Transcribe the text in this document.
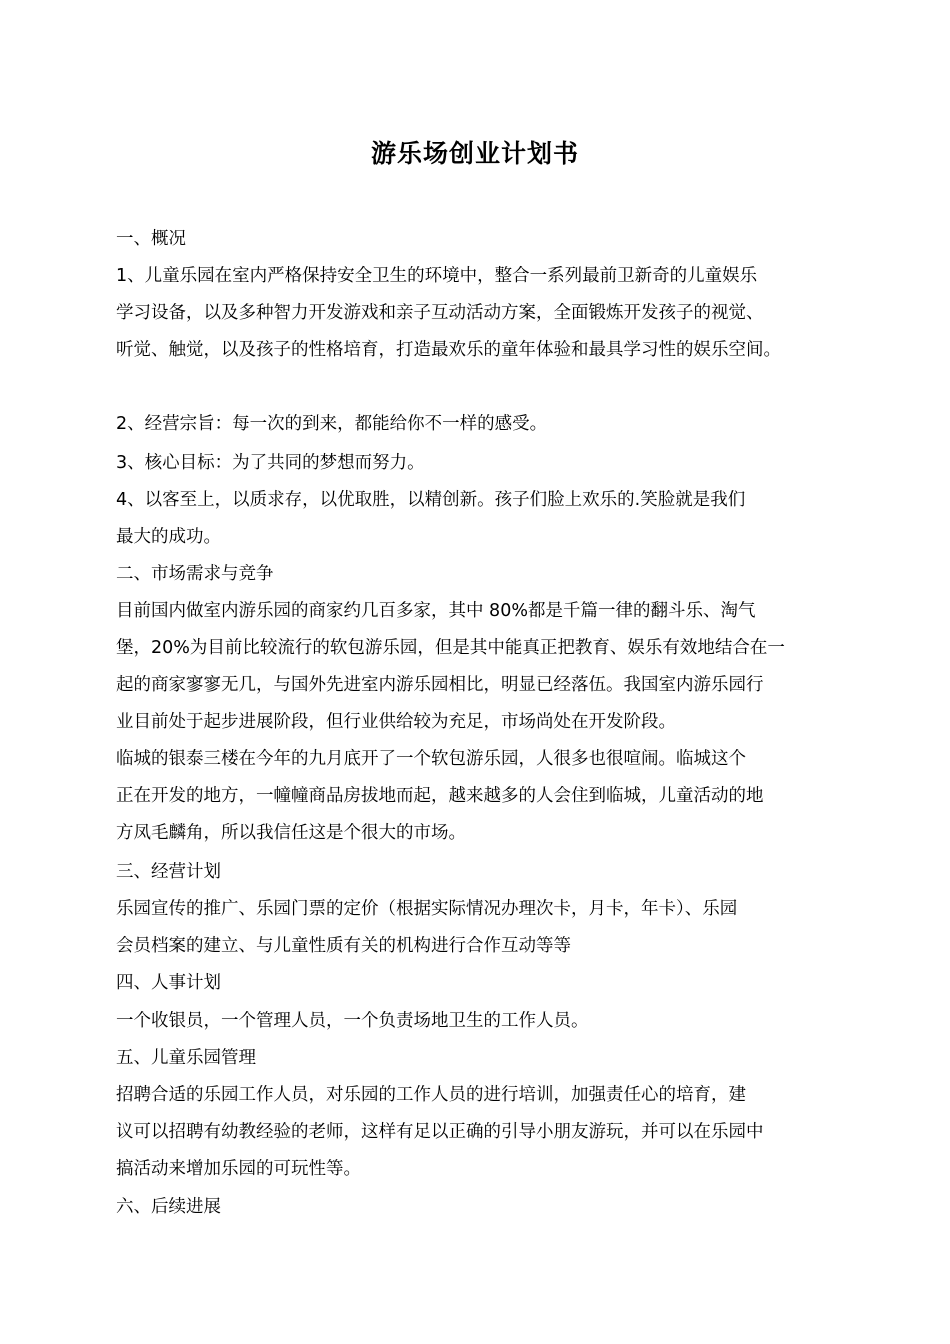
游乐场创业计划书
一、概况
1、儿童乐园在室内严格保持安全卫生的环境中，整合一系列最前卫新奇的儿童娱乐
学习设备，以及多种智力开发游戏和亲子互动活动方案，全面锻炼开发孩子的视觉、
听觉、触觉，以及孩子的性格培育，打造最欢乐的童年体验和最具学习性的娱乐空间。
2、经营宗旨：每一次的到来，都能给你不一样的感受。
3、核心目标：为了共同的梦想而努力。
4、以客至上，以质求存，以优取胜，以精创新。孩子们脸上欢乐的.笑脸就是我们
最大的成功。
二、市场需求与竞争
目前国内做室内游乐园的商家约几百多家，其中 80%都是千篇一律的翻斗乐、淘气
堡，20%为目前比较流行的软包游乐园，但是其中能真正把教育、娱乐有效地结合在一
起的商家寥寥无几，与国外先进室内游乐园相比，明显已经落伍。我国室内游乐园行
业目前处于起步进展阶段，但行业供给较为充足，市场尚处在开发阶段。
临城的银泰三楼在今年的九月底开了一个软包游乐园，人很多也很喧闹。临城这个
正在开发的地方，一幢幢商品房拔地而起，越来越多的人会住到临城，儿童活动的地
方凤毛麟角，所以我信任这是个很大的市场。
三、经营计划
乐园宣传的推广、乐园门票的定价（根据实际情况办理次卡，月卡，年卡）、乐园
会员档案的建立、与儿童性质有关的机构进行合作互动等等
四、人事计划
一个收银员，一个管理人员，一个负责场地卫生的工作人员。
五、儿童乐园管理
招聘合适的乐园工作人员，对乐园的工作人员的进行培训，加强责任心的培育，建
议可以招聘有幼教经验的老师，这样有足以正确的引导小朋友游玩，并可以在乐园中
搞活动来增加乐园的可玩性等。
六、后续进展
